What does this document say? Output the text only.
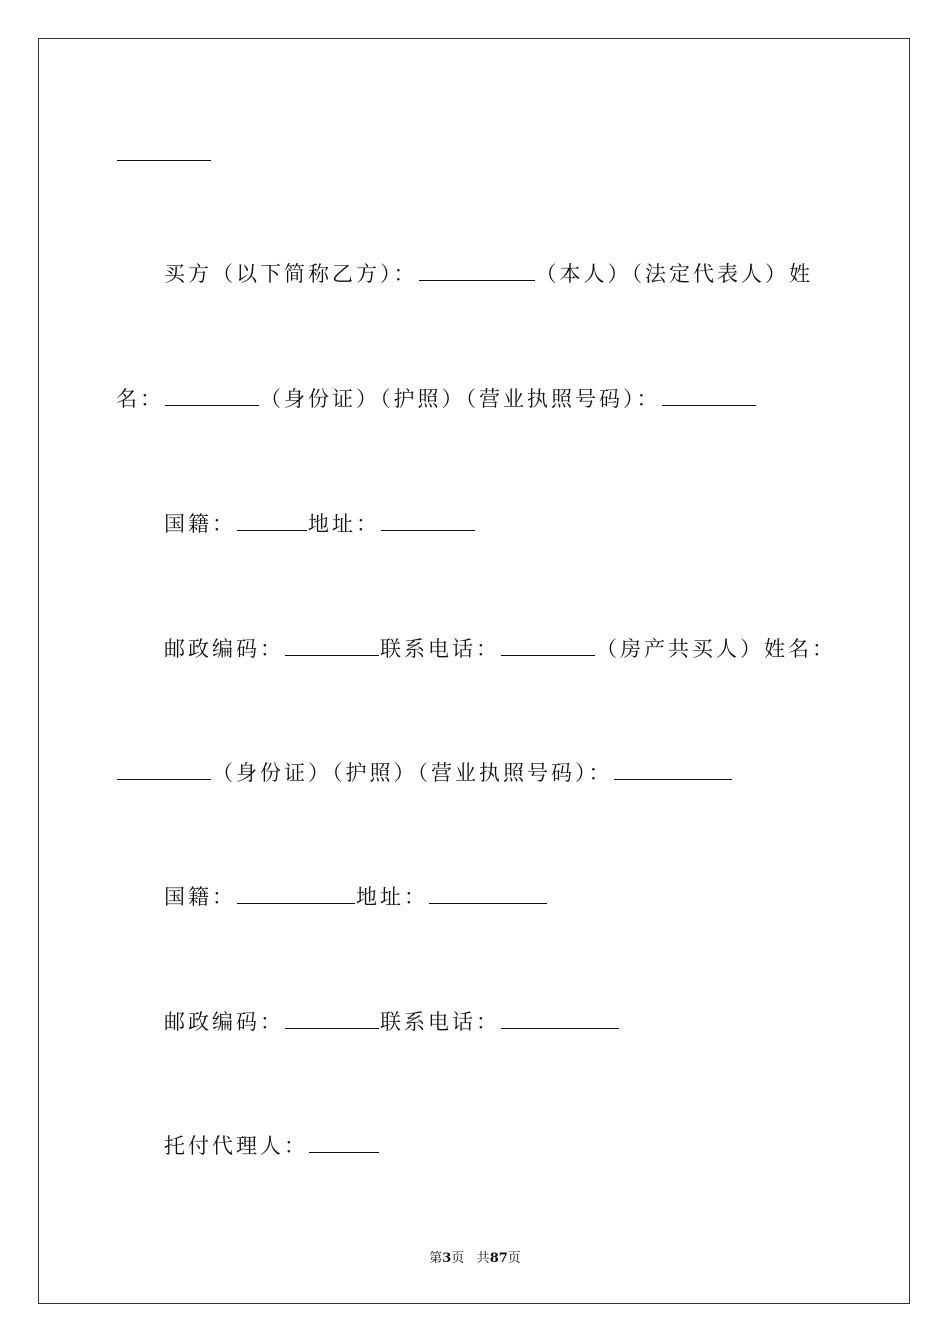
买方（以下简称乙方）：	（本人）（法定代表人）姓
名：	（身份证）（护照）（营业执照号码）：
国籍：	地址：
邮政编码：	联系电话：	（房产共买人）姓名：
（身份证）（护照）（营业执照号码）：
国籍：	地址：
邮政编码：	联系电话：
托付代理人：
第3页 共87页
